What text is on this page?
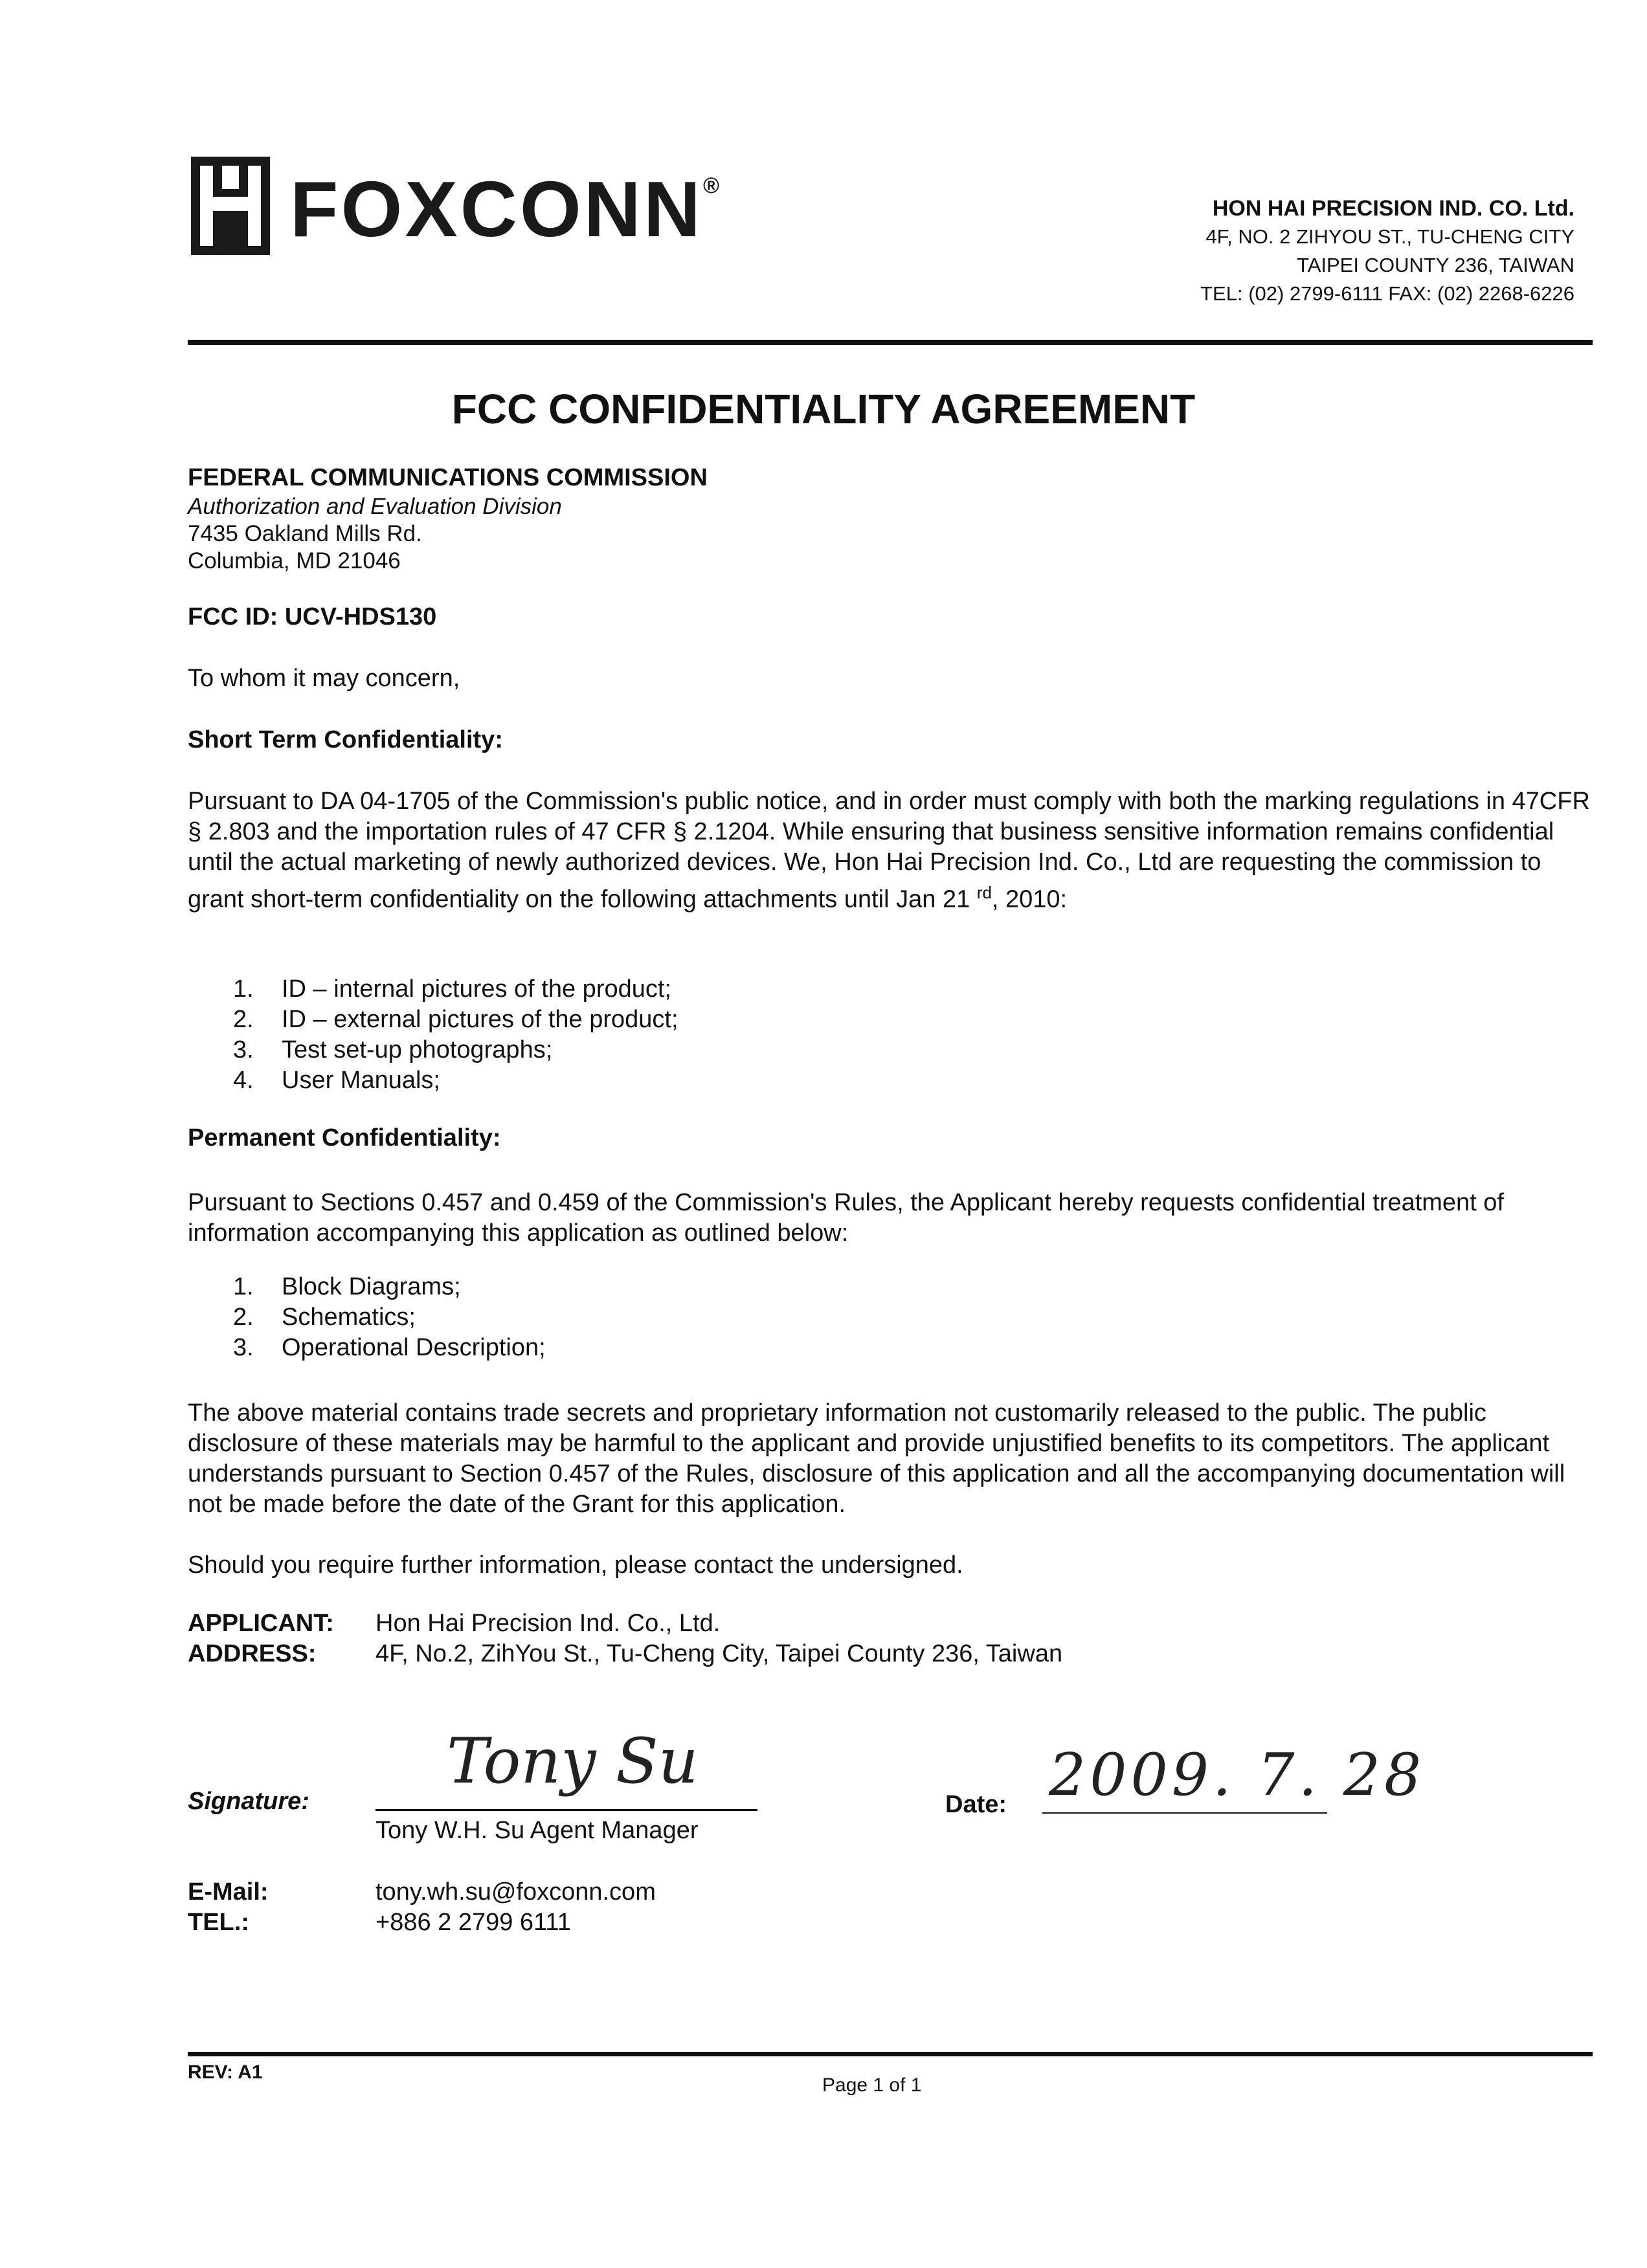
FOXCONN®
HON HAI PRECISION IND. CO. Ltd.
4F, NO. 2 ZIHYOU ST., TU-CHENG CITY
TAIPEI COUNTY 236, TAIWAN
TEL: (02) 2799-6111 FAX: (02) 2268-6226
FCC CONFIDENTIALITY AGREEMENT
FEDERAL COMMUNICATIONS COMMISSION
Authorization and Evaluation Division
7435 Oakland Mills Rd.
Columbia, MD 21046
FCC ID: UCV-HDS130
To whom it may concern,
Short Term Confidentiality:
Pursuant to DA 04-1705 of the Commission's public notice, and in order must comply with both the marking regulations in 47CFR § 2.803 and the importation rules of 47 CFR § 2.1204. While ensuring that business sensitive information remains confidential until the actual marketing of newly authorized devices. We, Hon Hai Precision Ind. Co., Ltd are requesting the commission to grant short-term confidentiality on the following attachments until Jan 21 $^{rd}$, 2010:
1.	ID – internal pictures of the product;
2.	ID – external pictures of the product;
3.	Test set-up photographs;
4.	User Manuals;
Permanent Confidentiality:
Pursuant to Sections 0.457 and 0.459 of the Commission's Rules, the Applicant hereby requests confidential treatment of information accompanying this application as outlined below:
1.	Block Diagrams;
2.	Schematics;
3.	Operational Description;
The above material contains trade secrets and proprietary information not customarily released to the public. The public disclosure of these materials may be harmful to the applicant and provide unjustified benefits to its competitors. The applicant understands pursuant to Section 0.457 of the Rules, disclosure of this application and all the accompanying documentation will not be made before the date of the Grant for this application.
Should you require further information, please contact the undersigned.
APPLICANT:	Hon Hai Precision Ind. Co., Ltd.
ADDRESS:	4F, No.2, ZihYou St., Tu-Cheng City, Taipei County 236, Taiwan
Signature:
Tony Su
Tony W.H. Su Agent Manager
Date: 2009. 7. 28
E-Mail:	tony.wh.su@foxconn.com
TEL.:	+886 2 2799 6111
REV: A1
Page 1 of 1
